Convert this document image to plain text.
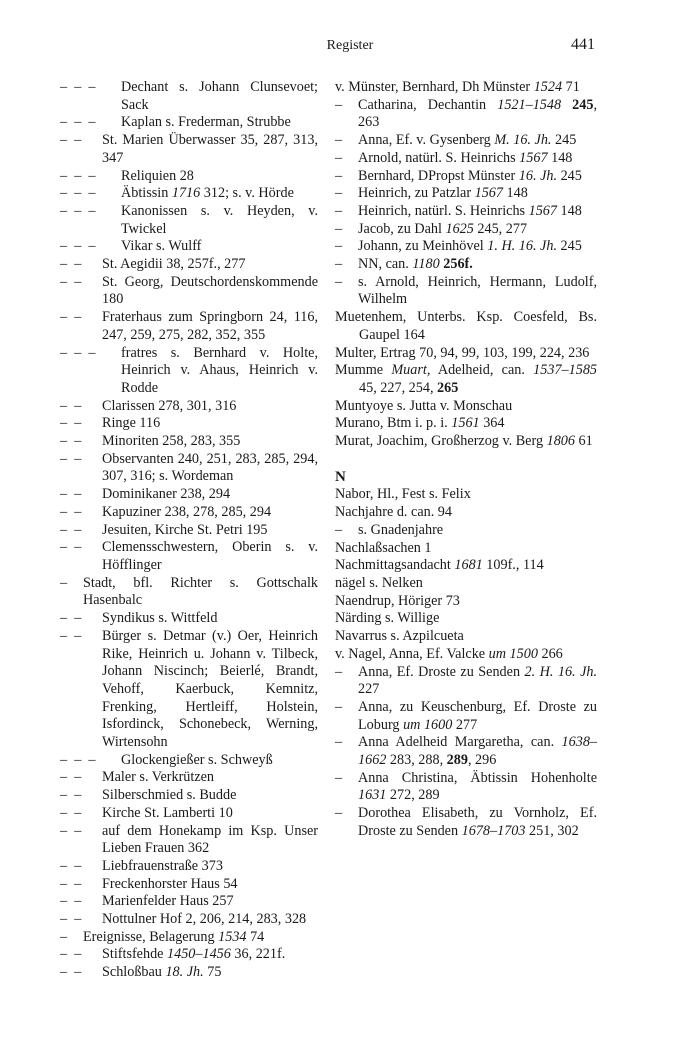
Register	441
–  –  – Dechant s. Johann Clunsevoet; Sack
–  –  – Kaplan s. Frederman, Strubbe
–  – St. Marien Überwasser 35, 287, 313, 347
–  –  – Reliquien 28
–  –  – Äbtissin 1716 312; s. v. Hörde
–  –  – Kanonissen s. v. Heyden, v. Twickel
–  –  – Vikar s. Wulff
–  – St. Aegidii 38, 257f., 277
–  – St. Georg, Deutschordenskommende 180
–  – Fraterhaus zum Springborn 24, 116, 247, 259, 275, 282, 352, 355
–  –  – fratres s. Bernhard v. Holte, Heinrich v. Ahaus, Heinrich v. Rodde
–  – Clarissen 278, 301, 316
–  – Ringe 116
–  – Minoriten 258, 283, 355
–  – Observanten 240, 251, 283, 285, 294, 307, 316; s. Wordeman
–  – Dominikaner 238, 294
–  – Kapuziner 238, 278, 285, 294
–  – Jesuiten, Kirche St. Petri 195
–  – Clemensschwestern, Oberin s. v. Höfflinger
– Stadt, bfl. Richter s. Gottschalk Hasenbalc
–  – Syndikus s. Wittfeld
–  – Bürger s. Detmar (v.) Oer, Heinrich Rike, Heinrich u. Johann v. Tilbeck, Johann Niscinch; Beierlé, Brandt, Vehoff, Kaerbuck, Kemnitz, Frenking, Hertleiff, Holstein, Isfordinck, Schonebeck, Werning, Wirtensohn
–  –  – Glockengießer s. Schweyß
–  – Maler s. Verkrützen
–  – Silberschmied s. Budde
–  – Kirche St. Lamberti 10
–  – auf dem Honekamp im Ksp. Unser Lieben Frauen 362
–  – Liebfrauenstraße 373
–  – Freckenhorster Haus 54
–  – Marienfelder Haus 257
–  – Nottulner Hof 2, 206, 214, 283, 328
– Ereignisse, Belagerung 1534 74
–  – Stiftsfehde 1450–1456 36, 221f.
–  – Schloßbau 18. Jh. 75
v. Münster, Bernhard, Dh Münster 1524 71
– Catharina, Dechantin 1521–1548 245, 263
– Anna, Ef. v. Gysenberg M. 16. Jh. 245
– Arnold, natürl. S. Heinrichs 1567 148
– Bernhard, DPropst Münster 16. Jh. 245
– Heinrich, zu Patzlar 1567 148
– Heinrich, natürl. S. Heinrichs 1567 148
– Jacob, zu Dahl 1625 245, 277
– Johann, zu Meinhövel 1. H. 16. Jh. 245
– NN, can. 1180 256f.
– s. Arnold, Heinrich, Hermann, Ludolf, Wilhelm
Muetenhem, Unterbs. Ksp. Coesfeld, Bs. Gaupel 164
Multer, Ertrag 70, 94, 99, 103, 199, 224, 236
Mumme Muart, Adelheid, can. 1537–1585 45, 227, 254, 265
Muntyoye s. Jutta v. Monschau
Murano, Btm i. p. i. 1561 364
Murat, Joachim, Großherzog v. Berg 1806 61
N
Nabor, Hl., Fest s. Felix
Nachjahre d. can. 94
– s. Gnadenjahre
Nachlaßsachen 1
Nachmittagsandacht 1681 109f., 114
nägel s. Nelken
Naendrup, Höriger 73
Närding s. Willige
Navarrus s. Azpilcueta
v. Nagel, Anna, Ef. Valcke um 1500 266
– Anna, Ef. Droste zu Senden 2. H. 16. Jh. 227
– Anna, zu Keuschenburg, Ef. Droste zu Loburg um 1600 277
– Anna Adelheid Margaretha, can. 1638–1662 283, 288, 289, 296
– Anna Christina, Äbtissin Hohenholte 1631 272, 289
– Dorothea Elisabeth, zu Vornholz, Ef. Droste zu Senden 1678–1703 251, 302
